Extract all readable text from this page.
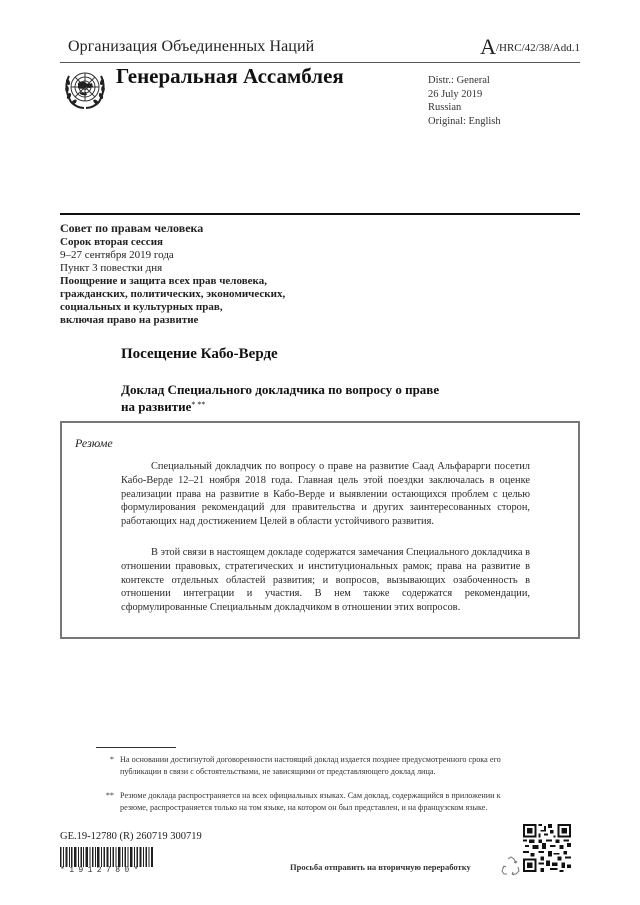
Организация Объединенных Наций	A/HRC/42/38/Add.1
Генеральная Ассамблея	Distr.: General
26 July 2019
Russian
Original: English
Совет по правам человека
Сорок вторая сессия
9–27 сентября 2019 года
Пункт 3 повестки дня
Поощрение и защита всех прав человека,
гражданских, политических, экономических,
социальных и культурных прав,
включая право на развитие
Посещение Кабо-Верде
Доклад Специального докладчика по вопросу о праве на развитие* **
Резюме

Специальный докладчик по вопросу о праве на развитие Саад Альфарарги посетил Кабо-Верде 12–21 ноября 2018 года. Главная цель этой поездки заключалась в оценке реализации права на развитие в Кабо-Верде и выявлении остающихся проблем с целью формулирования рекомендаций для правительства и других заинтересованных сторон, работающих над достижением Целей в области устойчивого развития.

В этой связи в настоящем докладе содержатся замечания Специального докладчика в отношении правовых, стратегических и институциональных рамок; права на развитие в контексте отдельных областей развития; и вопросов, вызывающих озабоченность в отношении интеграции и участия. В нем также содержатся рекомендации, сформулированные Специальным докладчиком в отношении этих вопросов.

* На основании достигнутой договоренности настоящий доклад издается позднее предусмотренного срока его публикации в связи с обстоятельствами, не зависящими от представляющего доклад лица.
** Резюме доклада распространяется на всех официальных языках. Сам доклад, содержащийся в приложении к резюме, распространяется только на том языке, на котором он был представлен, и на французском языке.
GE.19-12780 (R) 260719 300719
*1912780*	Просьба отправить на вторичную переработку
